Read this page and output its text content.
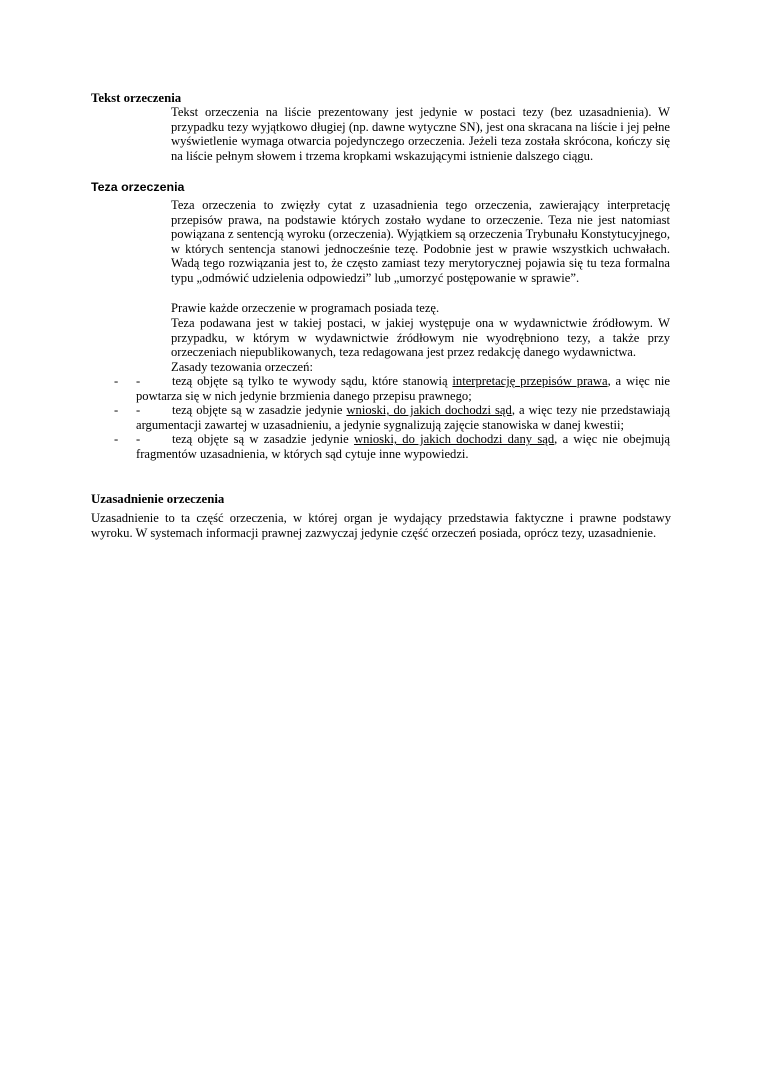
Tekst orzeczenia

Tekst orzeczenia na liście prezentowany jest jedynie w postaci tezy (bez uzasadnienia). W przypadku tezy wyjątkowo długiej (np. dawne wytyczne SN), jest ona skracana na liście i jej pełne wyświetlenie wymaga otwarcia pojedynczego orzeczenia. Jeżeli teza została skrócona, kończy się na liście pełnym słowem i trzema kropkami wskazującymi istnienie dalszego ciągu.

Teza orzeczenia

Teza orzeczenia to zwięzły cytat z uzasadnienia tego orzeczenia, zawierający interpretację przepisów prawa, na podstawie których zostało wydane to orzeczenie. Teza nie jest natomiast powiązana z sentencją wyroku (orzeczenia). Wyjątkiem są orzeczenia Trybunału Konstytucyjnego, w których sentencja stanowi jednocześnie tezę. Podobnie jest w prawie wszystkich uchwałach. Wadą tego rozwiązania jest to, że często zamiast tezy merytorycznej pojawia się tu teza formalna typu „odmówić udzielenia odpowiedzi” lub „umorzyć postępowanie w sprawie”.

Prawie każde orzeczenie w programach posiada tezę.

Teza podawana jest w takiej postaci, w jakiej występuje ona w wydawnictwie źródłowym. W przypadku, w którym w wydawnictwie źródłowym nie wyodrębniono tezy, a także przy orzeczeniach niepublikowanych, teza redagowana jest przez redakcję danego wydawnictwa.

Zasady tezowania orzeczeń:

- -	tezą objęte są tylko te wywody sądu, które stanowią interpretację przepisów prawa, a więc nie powtarza się w nich jedynie brzmienia danego przepisu prawnego;
- -	tezą objęte są w zasadzie jedynie wnioski, do jakich dochodzi sąd, a więc tezy nie przedstawiają argumentacji zawartej w uzasadnieniu, a jedynie sygnalizują zajęcie stanowiska w danej kwestii;
- -	tezą objęte są w zasadzie jedynie wnioski, do jakich dochodzi dany sąd, a więc nie obejmują fragmentów uzasadnienia, w których sąd cytuje inne wypowiedzi.
Uzasadnienie orzeczenia

Uzasadnienie to ta część orzeczenia, w której organ je wydający przedstawia faktyczne i prawne podstawy wyroku. W systemach informacji prawnej zazwyczaj jedynie część orzeczeń posiada, oprócz tezy, uzasadnienie.
